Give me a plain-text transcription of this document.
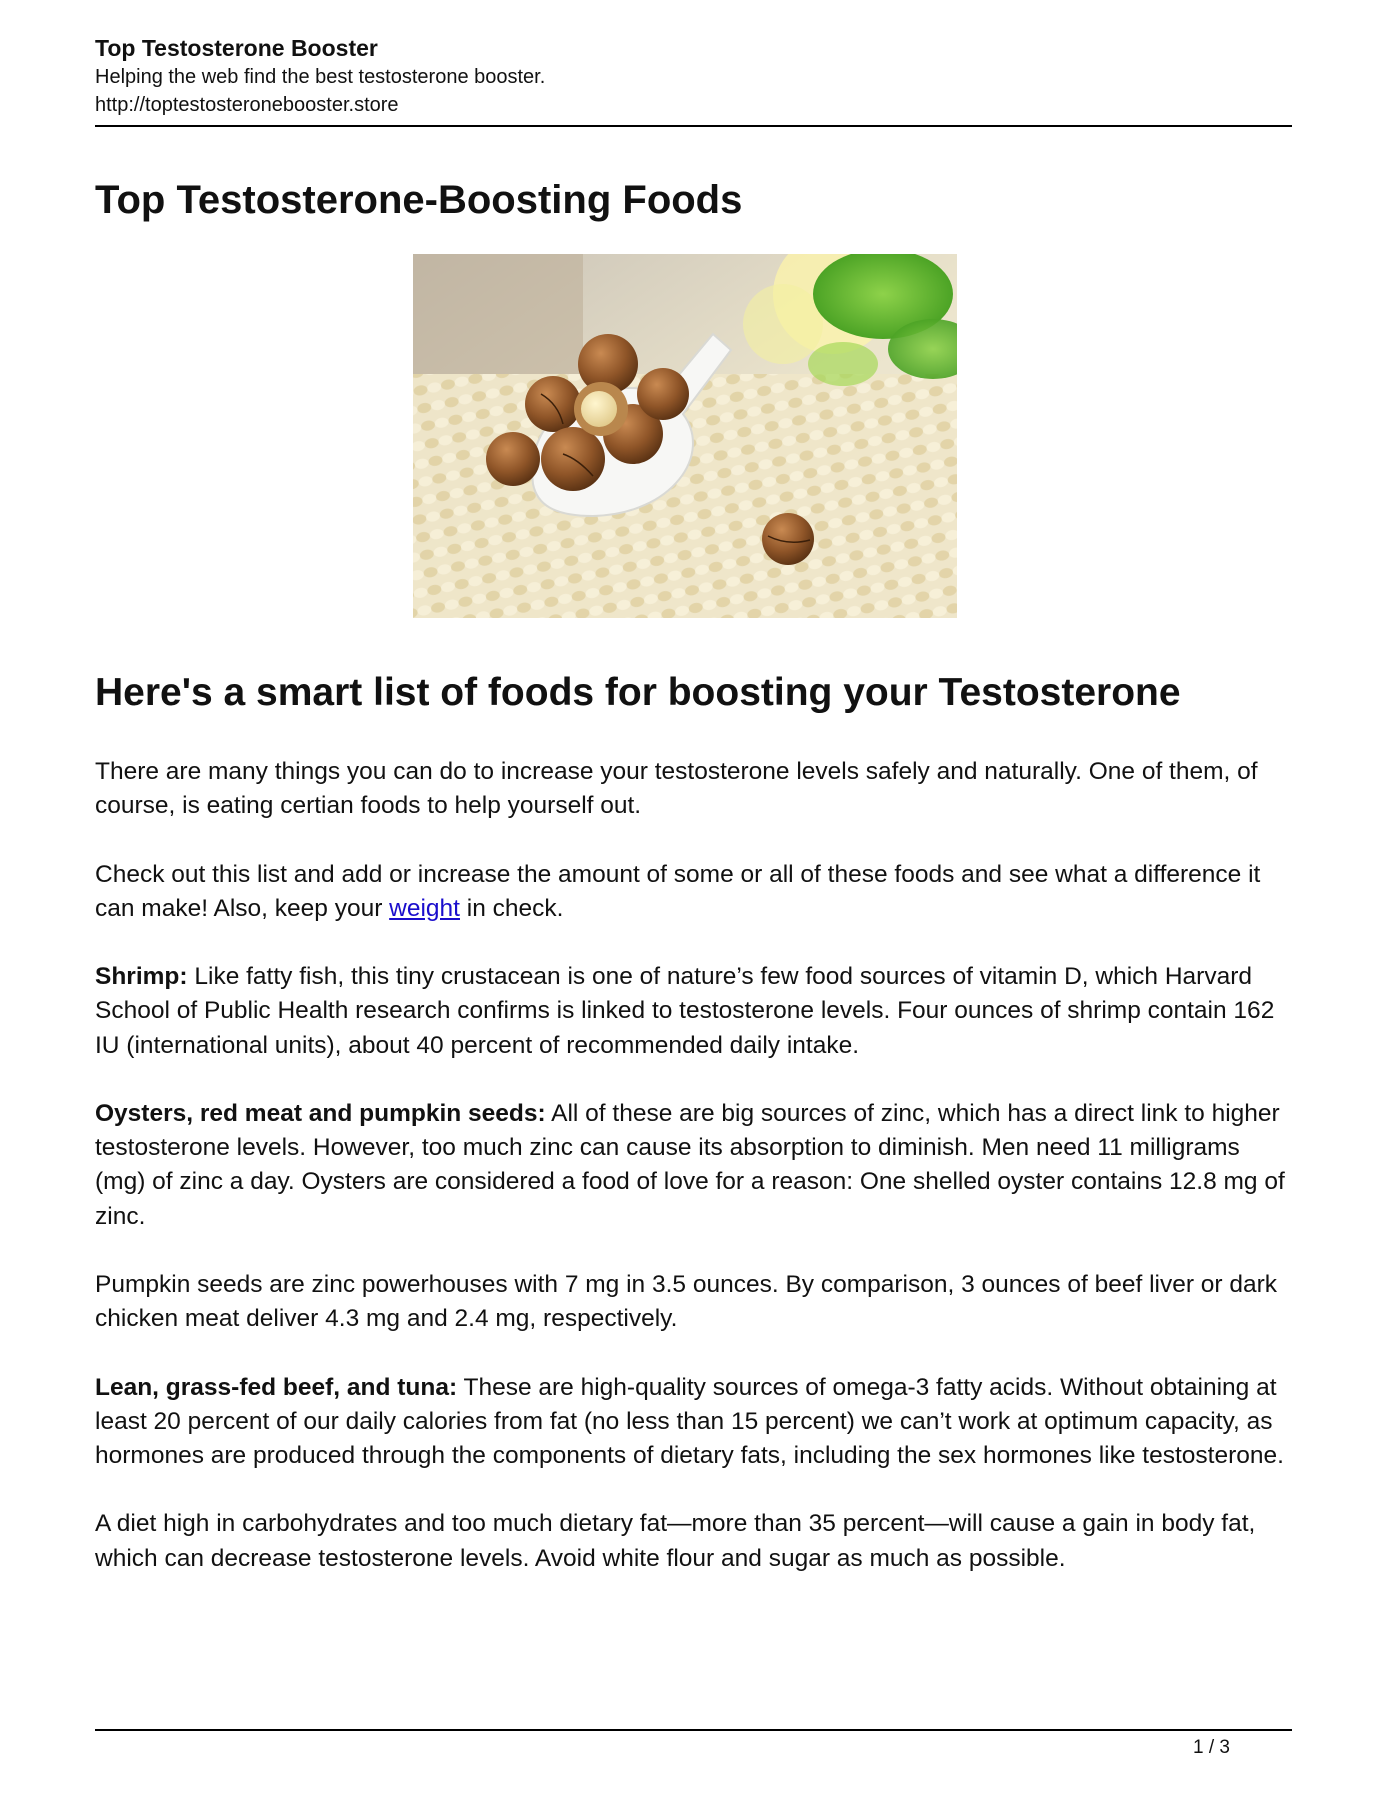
Top Testosterone Booster
Helping the web find the best testosterone booster.
http://toptestosteronebooster.store
Top Testosterone-Boosting Foods
Here's a smart list of foods for boosting your Testosterone

There are many things you can do to increase your testosterone levels safely and naturally. One of them, of course, is eating certian foods to help yourself out.

Check out this list and add or increase the amount of some or all of these foods and see what a difference it can make! Also, keep your weight in check.

Shrimp: Like fatty fish, this tiny crustacean is one of nature’s few food sources of vitamin D, which Harvard School of Public Health research confirms is linked to testosterone levels. Four ounces of shrimp contain 162 IU (international units), about 40 percent of recommended daily intake.

Oysters, red meat and pumpkin seeds: All of these are big sources of zinc, which has a direct link to higher testosterone levels. However, too much zinc can cause its absorption to diminish. Men need 11 milligrams (mg) of zinc a day. Oysters are considered a food of love for a reason: One shelled oyster contains 12.8 mg of zinc.

Pumpkin seeds are zinc powerhouses with 7 mg in 3.5 ounces. By comparison, 3 ounces of beef liver or dark chicken meat deliver 4.3 mg and 2.4 mg, respectively.

Lean, grass-fed beef, and tuna: These are high-quality sources of omega-3 fatty acids. Without obtaining at least 20 percent of our daily calories from fat (no less than 15 percent) we can’t work at optimum capacity, as hormones are produced through the components of dietary fats, including the sex hormones like testosterone.

A diet high in carbohydrates and too much dietary fat—more than 35 percent—will cause a gain in body fat, which can decrease testosterone levels. Avoid white flour and sugar as much as possible.

1 / 3
